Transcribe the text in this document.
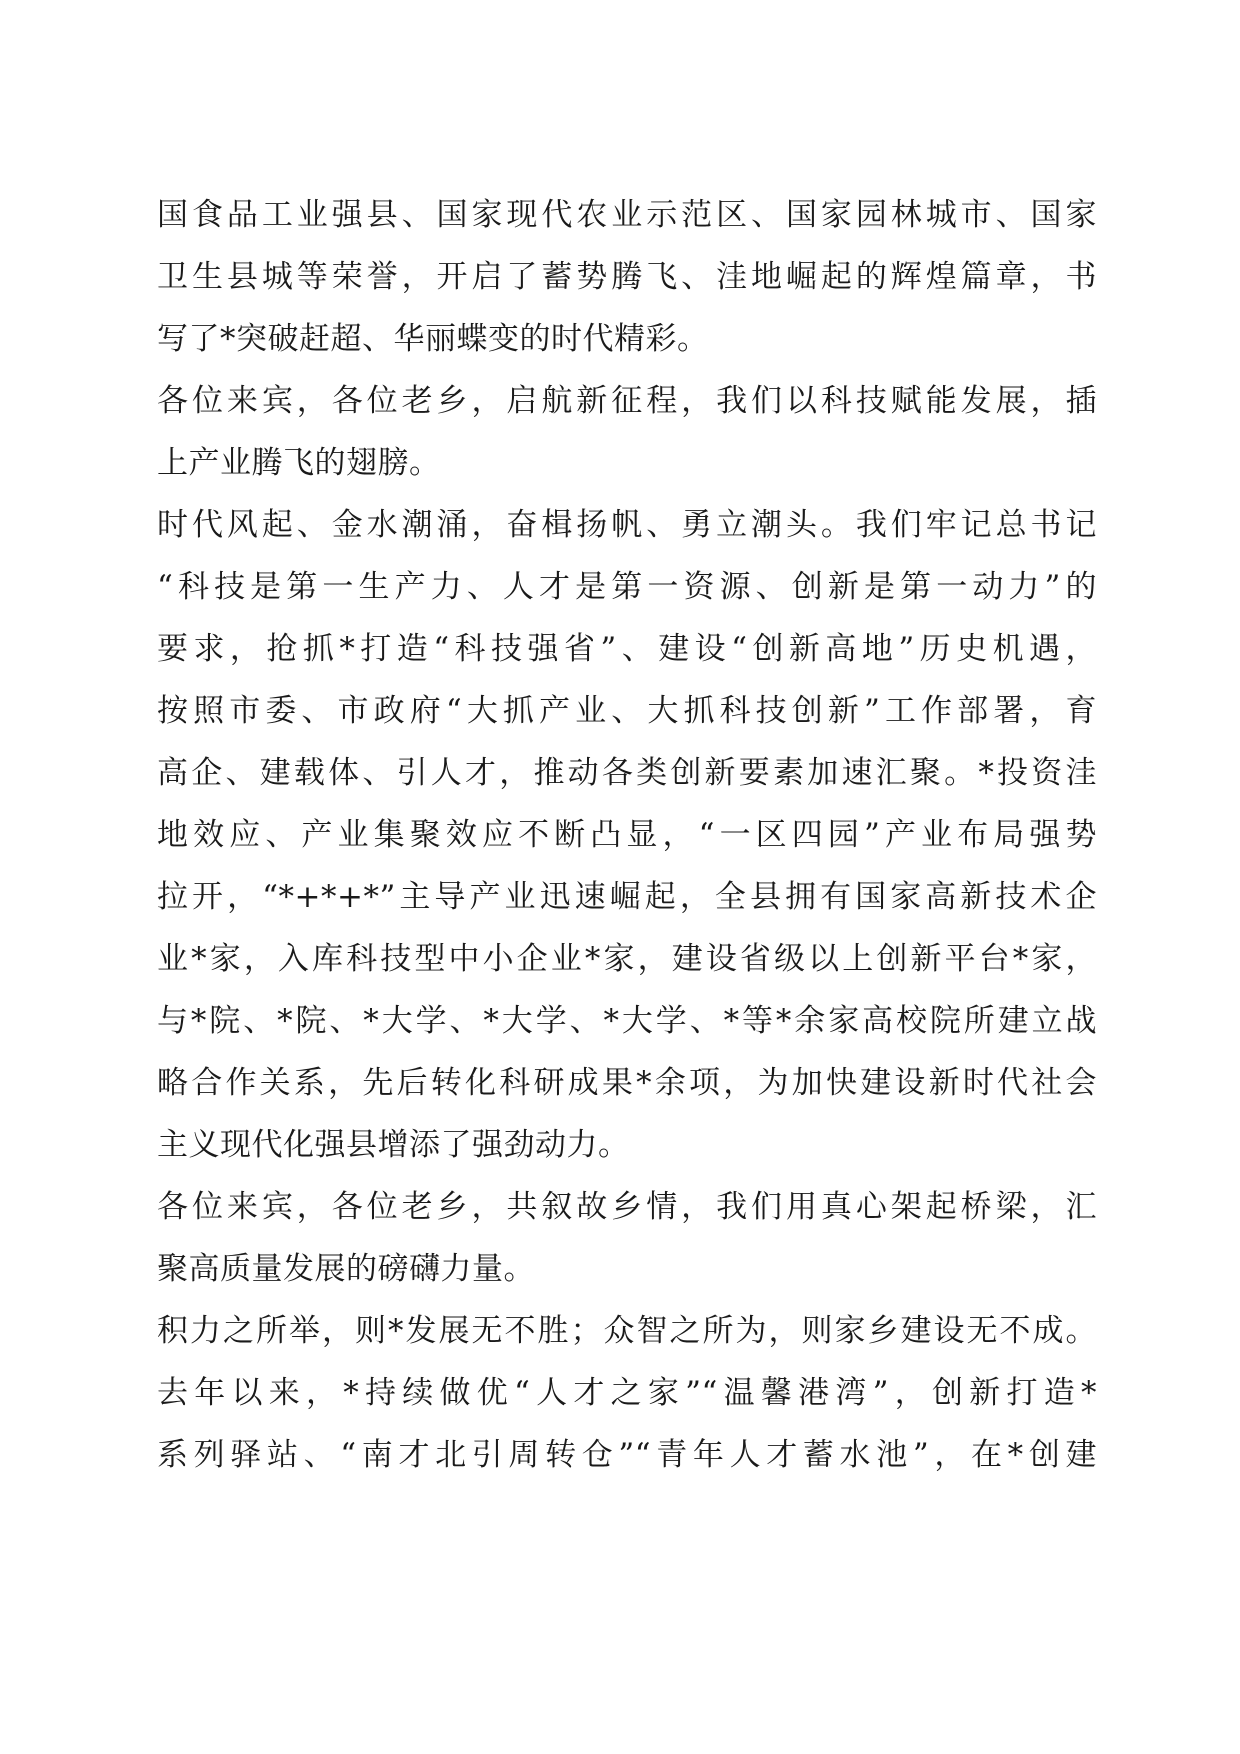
国食品工业强县、国家现代农业示范区、国家园林城市、国家
卫生县城等荣誉，开启了蓄势腾飞、洼地崛起的辉煌篇章，书
写了*突破赶超、华丽蝶变的时代精彩。
各位来宾，各位老乡，启航新征程，我们以科技赋能发展，插
上产业腾飞的翅膀。
时代风起、金水潮涌，奋楫扬帆、勇立潮头。我们牢记总书记
“科技是第一生产力、人才是第一资源、创新是第一动力”的
要求，抢抓*打造“科技强省”、建设“创新高地”历史机遇，
按照市委、市政府“大抓产业、大抓科技创新”工作部署，育
高企、建载体、引人才，推动各类创新要素加速汇聚。*投资洼
地效应、产业集聚效应不断凸显，“一区四园”产业布局强势
拉开，“*+*+*”主导产业迅速崛起，全县拥有国家高新技术企
业*家，入库科技型中小企业*家，建设省级以上创新平台*家，
与*院、*院、*大学、*大学、*大学、*等*余家高校院所建立战
略合作关系，先后转化科研成果*余项，为加快建设新时代社会
主义现代化强县增添了强劲动力。
各位来宾，各位老乡，共叙故乡情，我们用真心架起桥梁，汇
聚高质量发展的磅礴力量。
积力之所举，则*发展无不胜；众智之所为，则家乡建设无不成。
去年以来，*持续做优“人才之家”“温馨港湾”，创新打造*
系列驿站、“南才北引周转仓”“青年人才蓄水池”，在*创建
